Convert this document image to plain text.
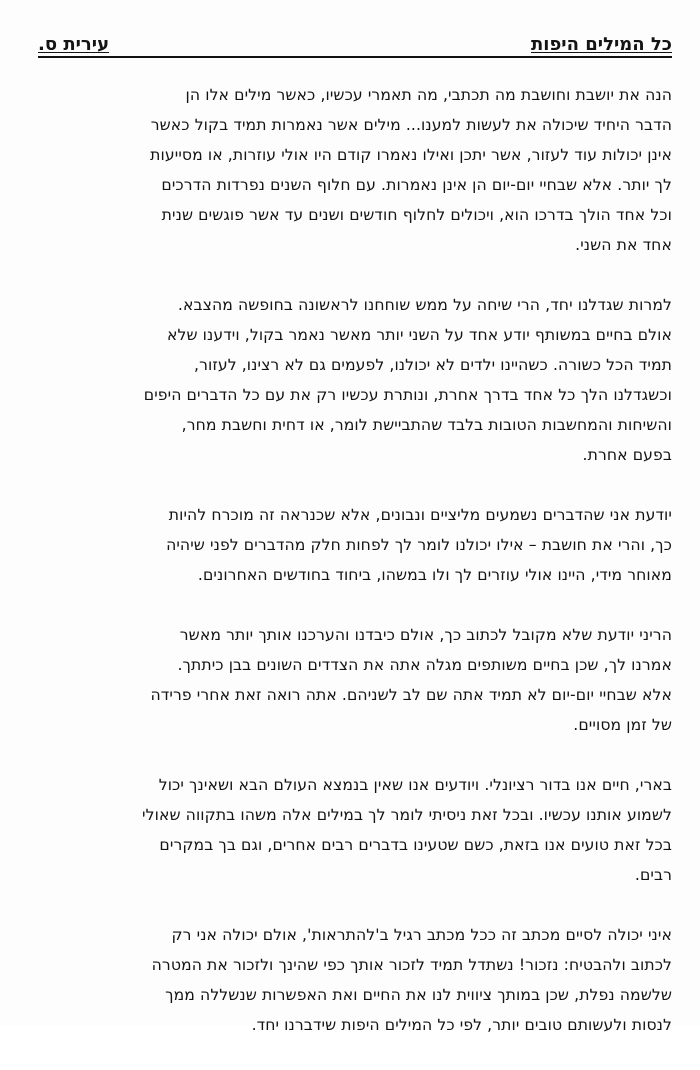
כל המילים היפות
עירית ס.
הנה את יושבת וחושבת מה תכתבי, מה תאמרי עכשיו, כאשר מילים אלו הן
הדבר היחיד שיכולה את לעשות למענו... מילים אשר נאמרות תמיד בקול כאשר
אינן יכולות עוד לעזור, אשר יתכן ואילו נאמרו קודם היו אולי עוזרות, או מסייעות
לך יותר. אלא שבחיי יום-יום הן אינן נאמרות. עם חלוף השנים נפרדות הדרכים
וכל אחד הולך בדרכו הוא, ויכולים לחלוף חודשים ושנים עד אשר פוגשים שנית
אחד את השני.
למרות שגדלנו יחד, הרי שיחה על ממש שוחחנו לראשונה בחופשה מהצבא.
אולם בחיים במשותף יודע אחד על השני יותר מאשר נאמר בקול, וידענו שלא
תמיד הכל כשורה. כשהיינו ילדים לא יכולנו, לפעמים גם לא רצינו, לעזור,
וכשגדלנו הלך כל אחד בדרך אחרת, ונותרת עכשיו רק את עם כל הדברים היפים
והשיחות והמחשבות הטובות בלבד שהתביישת לומר, או דחית וחשבת מחר,
בפעם אחרת.
יודעת אני שהדברים נשמעים מליציים ונבונים, אלא שכנראה זה מוכרח להיות
כך, והרי את חושבת – אילו יכולנו לומר לך לפחות חלק מהדברים לפני שיהיה
מאוחר מידי, היינו אולי עוזרים לך ולו במשהו, ביחוד בחודשים האחרונים.
הריני יודעת שלא מקובל לכתוב כך, אולם כיבדנו והערכנו אותך יותר מאשר
אמרנו לך, שכן בחיים משותפים מגלה אתה את הצדדים השונים בבן כיתתך.
אלא שבחיי יום-יום לא תמיד אתה שם לב לשניהם. אתה רואה זאת אחרי פרידה
של זמן מסויים.
בארי, חיים אנו בדור רציונלי. ויודעים אנו שאין בנמצא העולם הבא ושאינך יכול
לשמוע אותנו עכשיו. ובכל זאת ניסיתי לומר לך במילים אלה משהו בתקווה שאולי
בכל זאת טועים אנו בזאת, כשם שטעינו בדברים רבים אחרים, וגם בך במקרים
רבים.
איני יכולה לסיים מכתב זה ככל מכתב רגיל ב'להתראות', אולם יכולה אני רק
לכתוב ולהבטיח: נזכור! נשתדל תמיד לזכור אותך כפי שהינך ולזכור את המטרה
שלשמה נפלת, שכן במותך ציווית לנו את החיים ואת האפשרות שנשללה ממך
לנסות ולעשותם טובים יותר, לפי כל המילים היפות שידברנו יחד.
